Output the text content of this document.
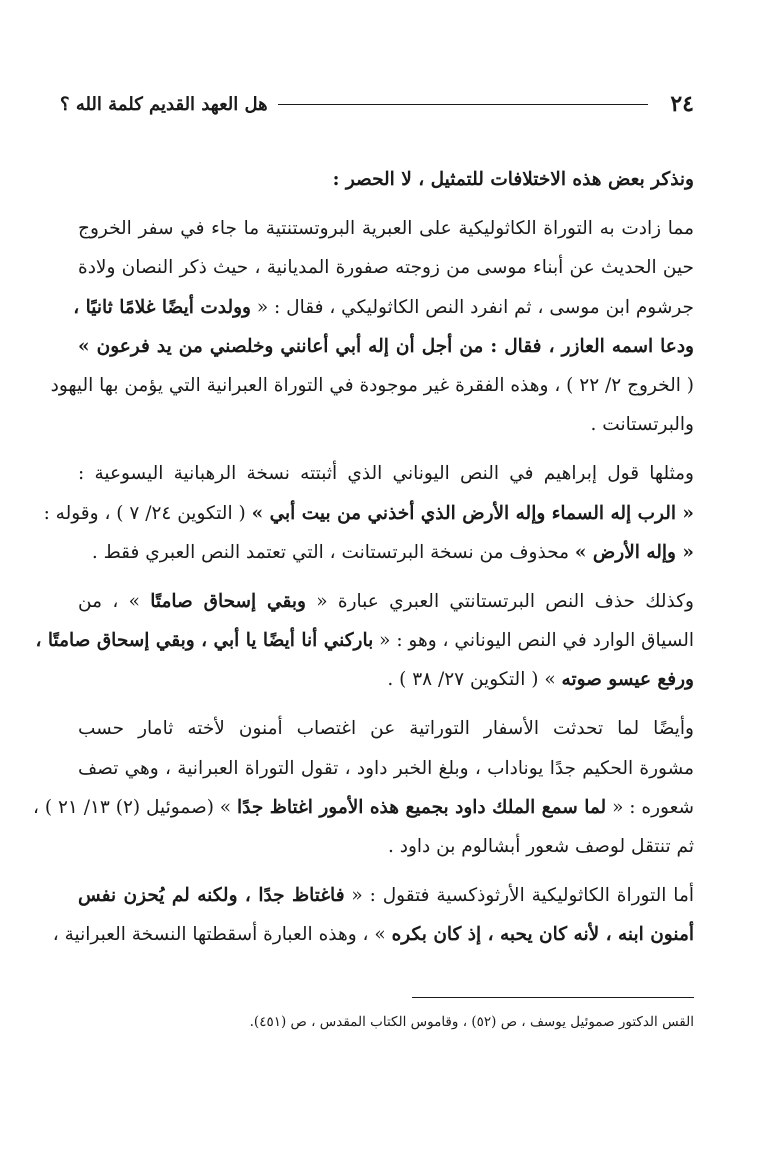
٢٤
هل العهد القديم كلمة الله ؟
ونذكر بعض هذه الاختلافات للتمثيل ، لا الحصر :
مما زادت به التوراة الكاثوليكية على العبرية البروتستنتية ما جاء في سفر الخروج
حين الحديث عن أبناء موسى من زوجته صفورة المديانية ، حيث ذكر النصان ولادة
جرشوم ابن موسى ، ثم انفرد النص الكاثوليكي ، فقال : « وولدت أيضًا غلامًا ثانيًا ،
ودعا اسمه العازر ، فقال : من أجل أن إله أبي أعانني وخلصني من يد فرعون »
( الخروج ٢/ ٢٢ ) ، وهذه الفقرة غير موجودة في التوراة العبرانية التي يؤمن بها اليهود
والبرتستانت .
ومثلها قول إبراهيم في النص اليوناني الذي أثبتته نسخة الرهبانية اليسوعية :
« الرب إله السماء وإله الأرض الذي أخذني من بيت أبي » ( التكوين ٢٤/ ٧ ) ، وقوله :
« وإله الأرض » محذوف من نسخة البرتستانت ، التي تعتمد النص العبري فقط .
وكذلك حذف النص البرتستانتي العبري عبارة « وبقي إسحاق صامتًا » ، من
السياق الوارد في النص اليوناني ، وهو : « باركني أنا أيضًا يا أبي ، وبقي إسحاق صامتًا ،
ورفع عيسو صوته » ( التكوين ٢٧/ ٣٨ ) .
وأيضًا لما تحدثت الأسفار التوراتية عن اغتصاب أمنون لأخته ثامار حسب
مشورة الحكيم جدًا يوناداب ، وبلغ الخبر داود ، تقول التوراة العبرانية ، وهي تصف
شعوره : « لما سمع الملك داود بجميع هذه الأمور اغتاظ جدًا » (صموئيل (٢) ١٣/ ٢١ ) ،
ثم تنتقل لوصف شعور أبشالوم بن داود .
أما التوراة الكاثوليكية الأرثوذكسية فتقول : « فاغتاظ جدًا ، ولكنه لم يُحزن نفس
أمنون ابنه ، لأنه كان يحبه ، إذ كان بكره » ، وهذه العبارة أسقطتها النسخة العبرانية ،
القس الدكتور صموئيل يوسف ، ص (٥٢) ، وقاموس الكتاب المقدس ، ص (٤٥١).
